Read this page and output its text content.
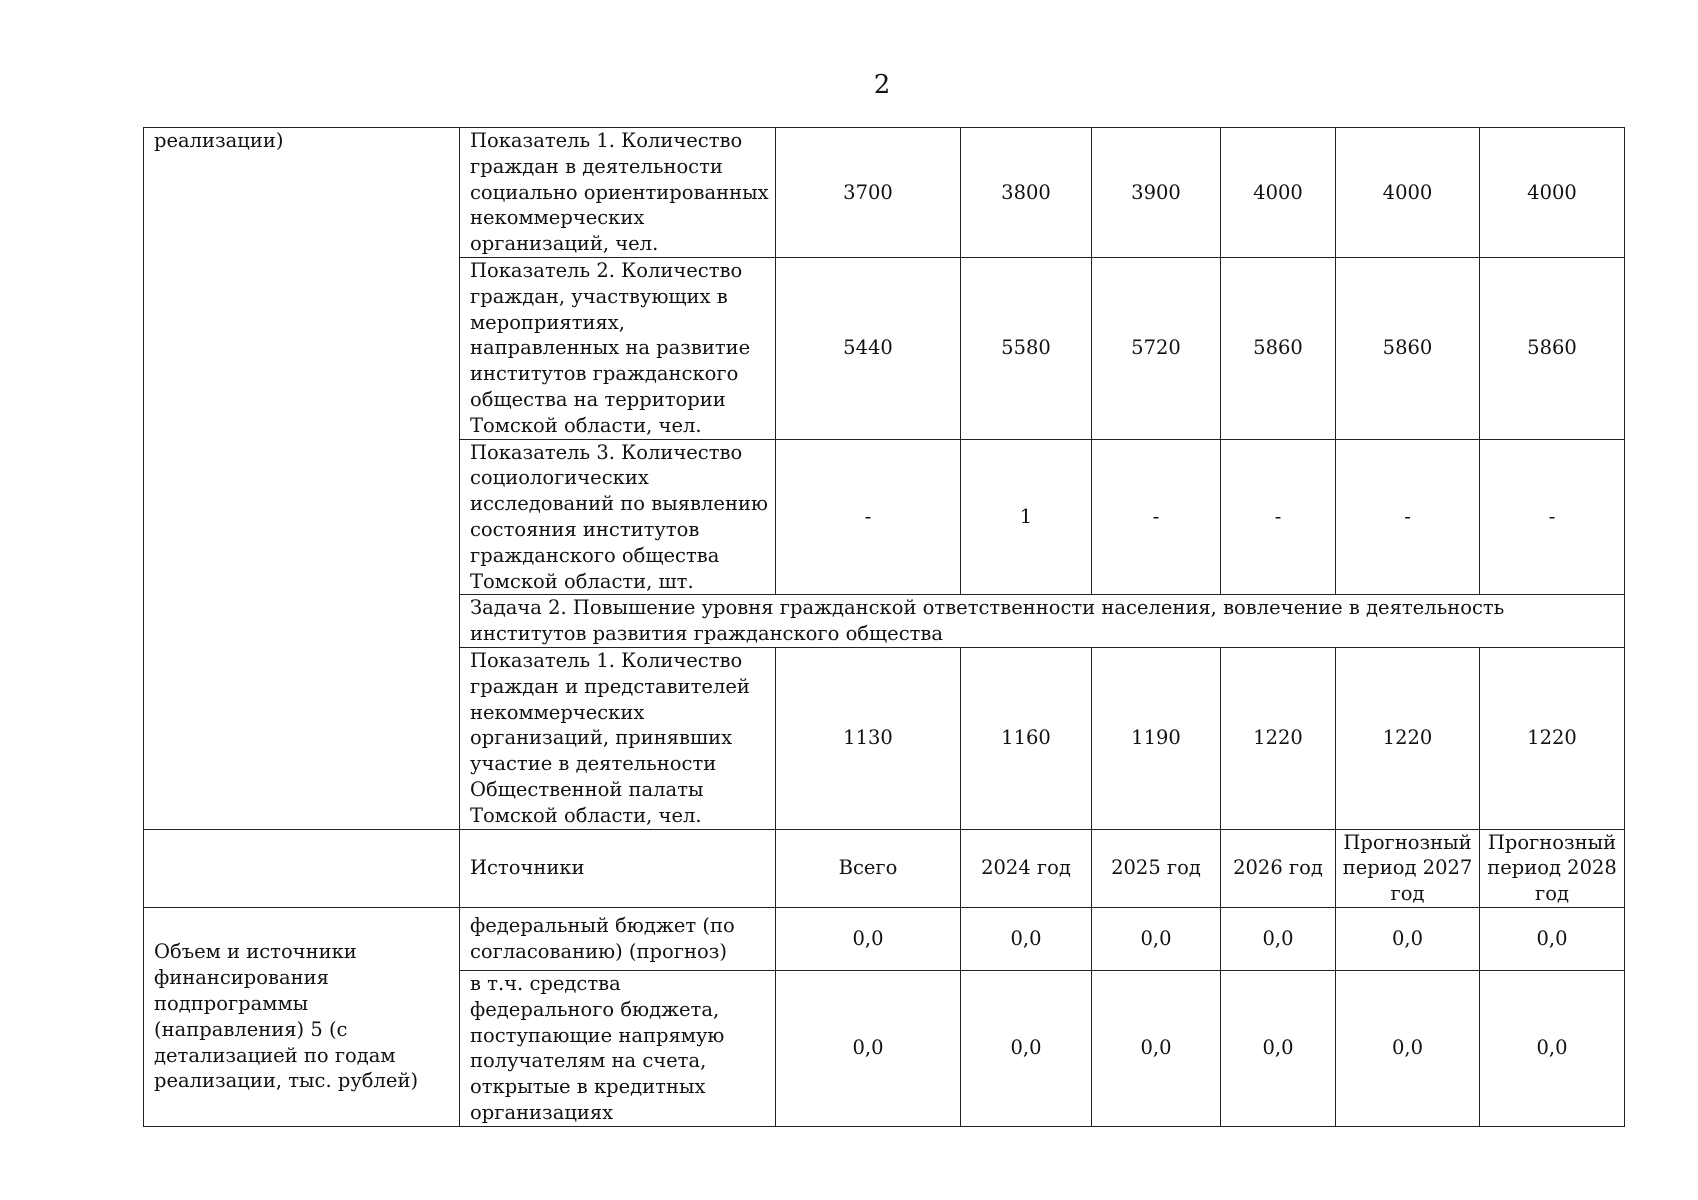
2
реализации)	Показатель 1. Количество граждан в деятельности социально ориентированных некоммерческих организаций, чел.	3700	3800	3900	4000	4000	4000
	Показатель 2. Количество граждан, участвующих в мероприятиях, направленных на развитие институтов гражданского общества на территории Томской области, чел.	5440	5580	5720	5860	5860	5860
	Показатель 3. Количество социологических исследований по выявлению состояния институтов гражданского общества Томской области, шт.	-	1	-	-	-	-
	Задача 2. Повышение уровня гражданской ответственности населения, вовлечение в деятельность институтов развития гражданского общества						
	Показатель 1. Количество граждан и представителей некоммерческих организаций, принявших участие в деятельности Общественной палаты Томской области, чел.	1130	1160	1190	1220	1220	1220
	Источники	Всего	2024 год	2025 год	2026 год	Прогнозный период 2027 год	Прогнозный период 2028 год
Объем и источники финансирования подпрограммы (направления) 5 (с детализацией по годам реализации, тыс. рублей)	федеральный бюджет (по согласованию) (прогноз)	0,0	0,0	0,0	0,0	0,0	0,0
	в т.ч. средства федерального бюджета, поступающие напрямую получателям на счета, открытые в кредитных организациях	0,0	0,0	0,0	0,0	0,0	0,0
